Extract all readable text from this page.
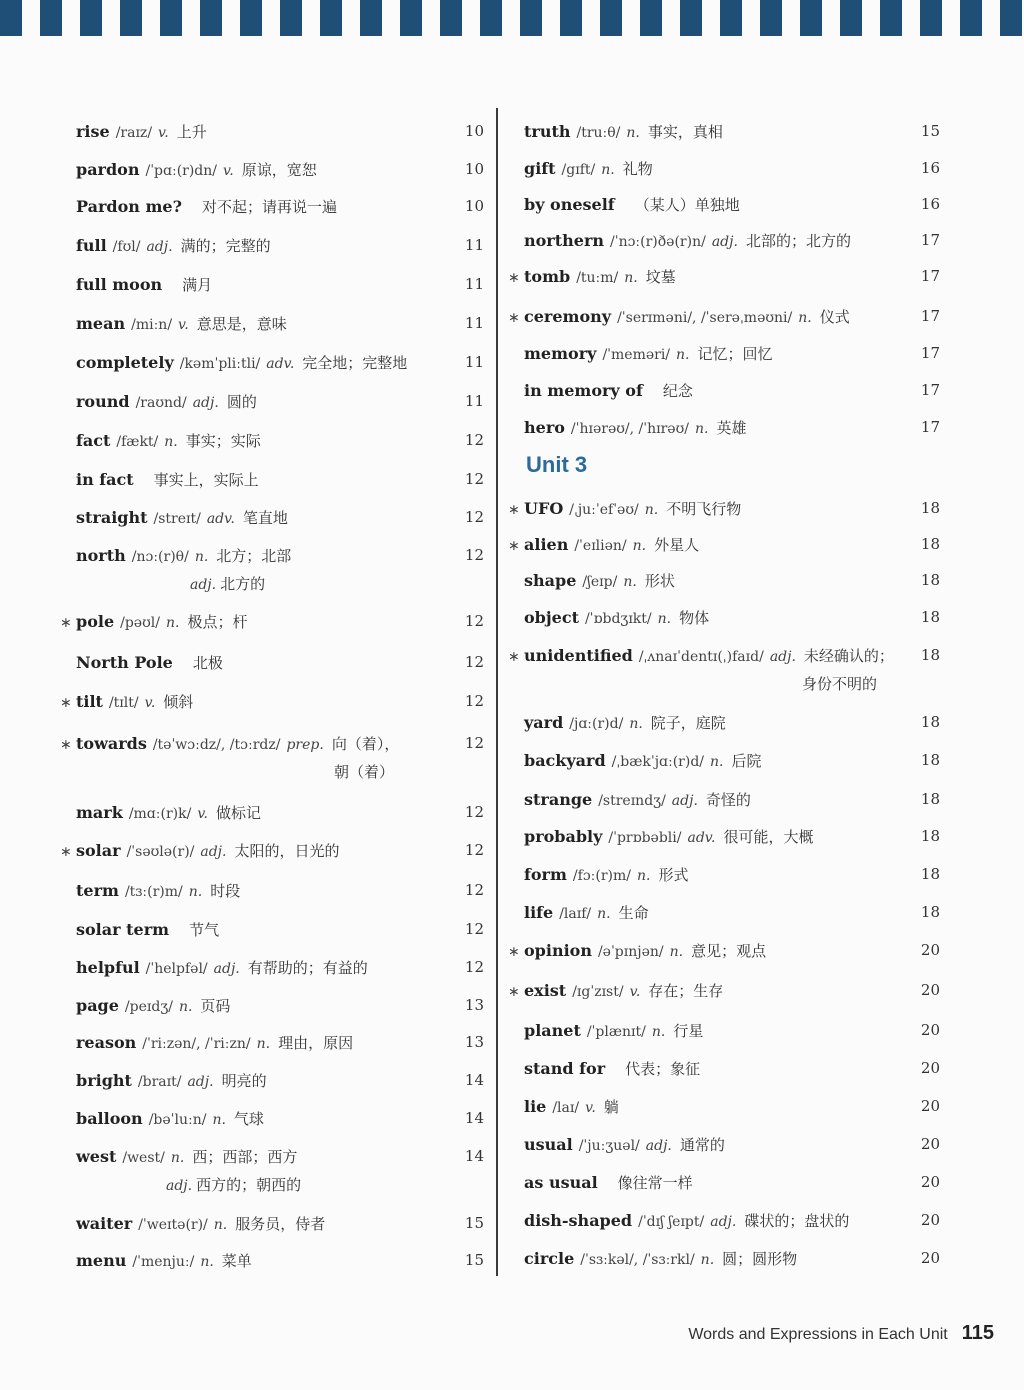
rise /raɪz/ v. 上升	10
pardon /ˈpɑː(r)dn/ v. 原谅，宽恕	10
Pardon me? 对不起；请再说一遍	10
full /fʊl/ adj. 满的；完整的	11
full moon 满月	11
mean /miːn/ v. 意思是，意味	11
completely /kəmˈpliːtli/ adv. 完全地；完整地	11
round /raʊnd/ adj. 圆的	11
fact /fækt/ n. 事实；实际	12
in fact 事实上，实际上	12
straight /streɪt/ adv. 笔直地	12
north /nɔː(r)θ/ n. 北方；北部	12
adj. 北方的
∗ pole /pəʊl/ n. 极点；杆	12
North Pole 北极	12
∗ tilt /tɪlt/ v. 倾斜	12
∗ towards /təˈwɔːdz/, /tɔːrdz/ prep. 向（着），	12
朝（着）
mark /mɑː(r)k/ v. 做标记	12
∗ solar /ˈsəʊlə(r)/ adj. 太阳的，日光的	12
term /tɜː(r)m/ n. 时段	12
solar term 节气	12
helpful /ˈhelpfəl/ adj. 有帮助的；有益的	12
page /peɪdʒ/ n. 页码	13
reason /ˈriːzən/, /ˈriːzn/ n. 理由，原因	13
bright /braɪt/ adj. 明亮的	14
balloon /bəˈluːn/ n. 气球	14
west /west/ n. 西；西部；西方	14
adj. 西方的；朝西的
waiter /ˈweɪtə(r)/ n. 服务员，侍者	15
menu /ˈmenjuː/ n. 菜单	15
Unit 3
truth /truːθ/ n. 事实，真相	15
gift /gɪft/ n. 礼物	16
by oneself （某人）单独地	16
northern /ˈnɔː(r)ðə(r)n/ adj. 北部的；北方的	17
∗ tomb /tuːm/ n. 坟墓	17
∗ ceremony /ˈserɪməni/, /ˈserəˌməʊni/ n. 仪式	17
memory /ˈmeməri/ n. 记忆；回忆	17
in memory of 纪念	17
hero /ˈhɪərəʊ/, /ˈhɪrəʊ/ n. 英雄	17
∗ UFO /ˌjuːˈefˈəʊ/ n. 不明飞行物	18
∗ alien /ˈeɪliən/ n. 外星人	18
shape /ʃeɪp/ n. 形状	18
object /ˈɒbdʒɪkt/ n. 物体	18
∗ unidentified /ˌʌnaɪˈdentɪ(ˌ)faɪd/ adj. 未经确认的； 18
身份不明的
yard /jɑː(r)d/ n. 院子，庭院	18
backyard /ˌbækˈjɑː(r)d/ n. 后院	18
strange /streɪndʒ/ adj. 奇怪的	18
probably /ˈprɒbəbli/ adv. 很可能，大概	18
form /fɔː(r)m/ n. 形式	18
life /laɪf/ n. 生命	18
∗ opinion /əˈpɪnjən/ n. 意见；观点	20
∗ exist /ɪgˈzɪst/ v. 存在；生存	20
planet /ˈplænɪt/ n. 行星	20
stand for 代表；象征	20
lie /laɪ/ v. 躺	20
usual /ˈjuːʒuəl/ adj. 通常的	20
as usual 像往常一样	20
dish-shaped /ˈdɪʃ ʃeɪpt/ adj. 碟状的；盘状的	20
circle /ˈsɜːkəl/, /ˈsɜːrkl/ n. 圆；圆形物	20
Words and Expressions in Each Unit 115
